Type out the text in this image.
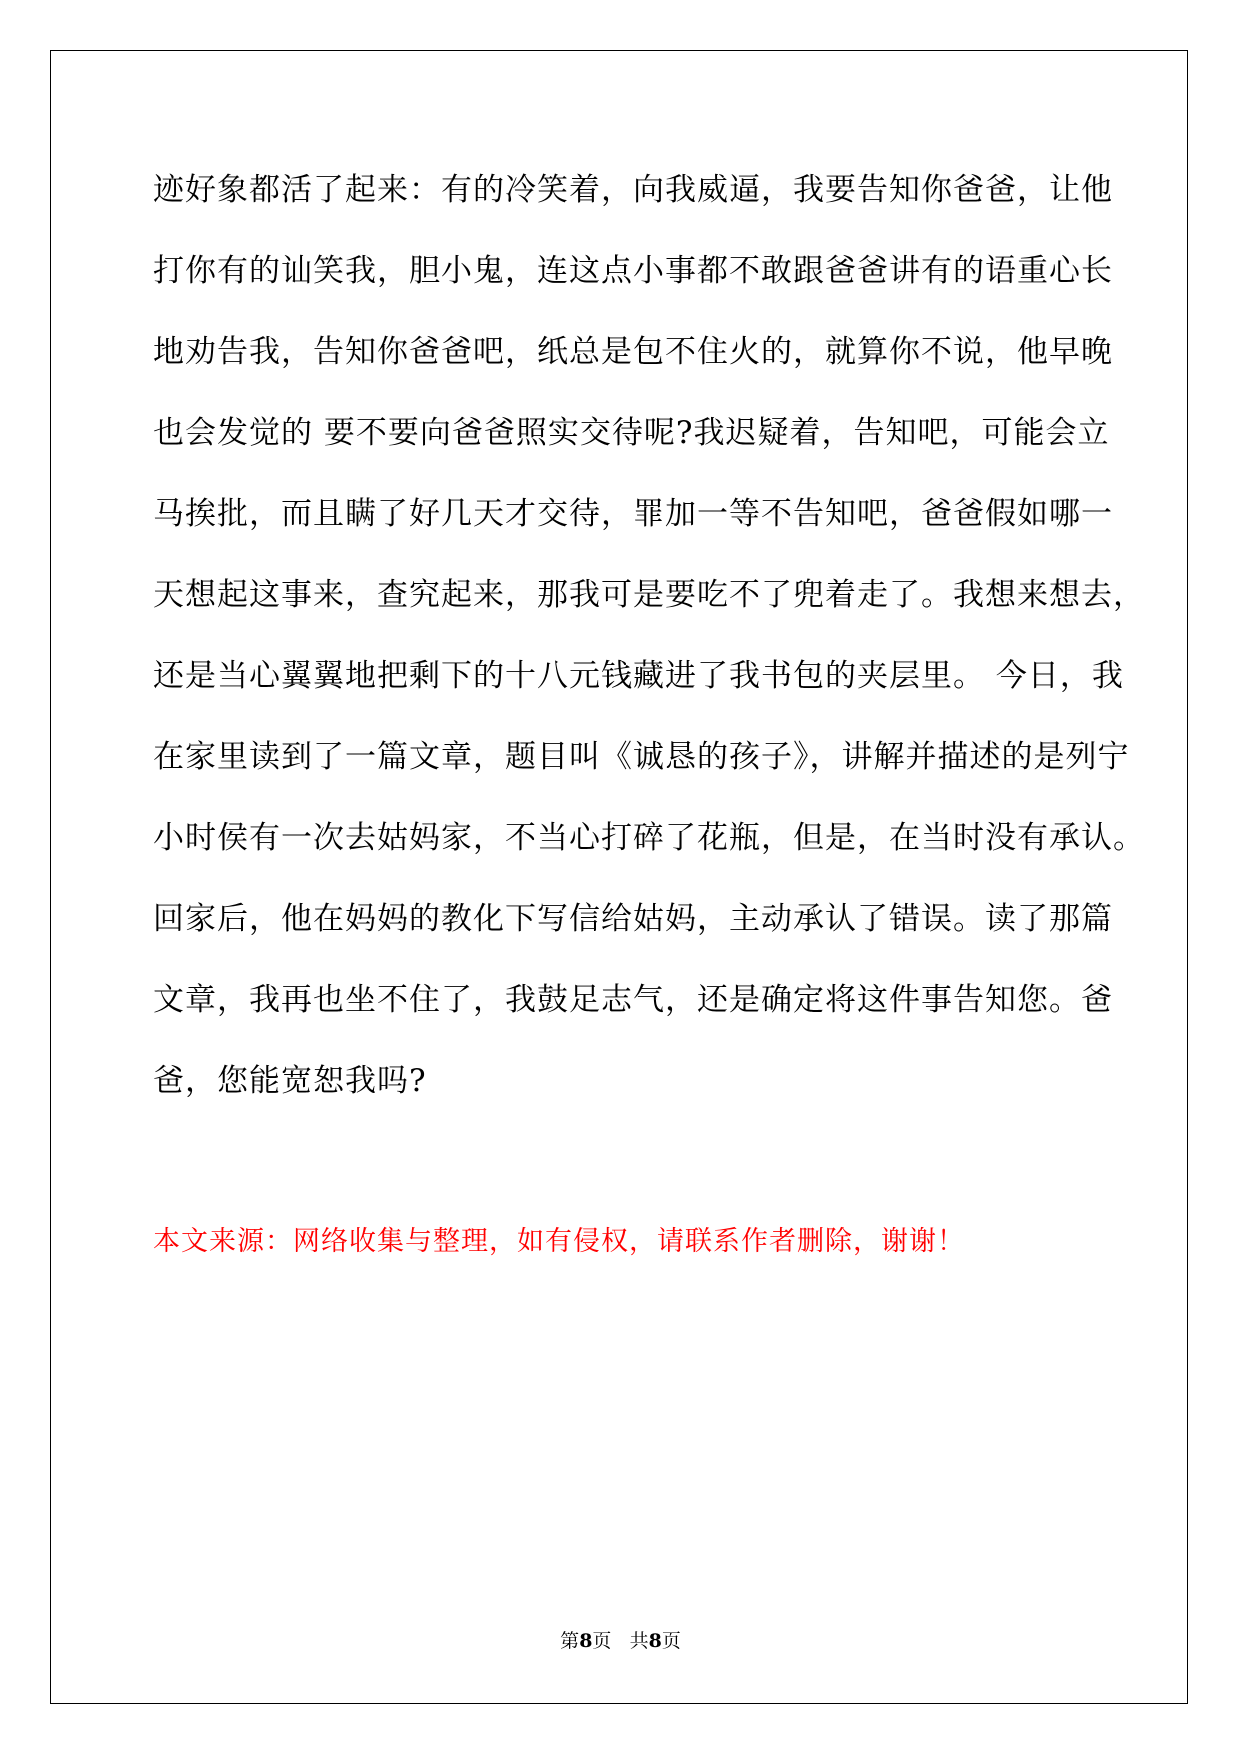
迹好象都活了起来：有的冷笑着，向我威逼，我要告知你爸爸，让他
打你有的讪笑我，胆小鬼，连这点小事都不敢跟爸爸讲有的语重心长
地劝告我，告知你爸爸吧，纸总是包不住火的，就算你不说，他早晚
也会发觉的 要不要向爸爸照实交待呢?我迟疑着，告知吧，可能会立
马挨批，而且瞒了好几天才交待，罪加一等不告知吧，爸爸假如哪一
天想起这事来，查究起来，那我可是要吃不了兜着走了。我想来想去，
还是当心翼翼地把剩下的十八元钱藏进了我书包的夹层里。 今日，我
在家里读到了一篇文章，题目叫《诚恳的孩子》，讲解并描述的是列宁
小时侯有一次去姑妈家，不当心打碎了花瓶，但是，在当时没有承认。
回家后，他在妈妈的教化下写信给姑妈，主动承认了错误。读了那篇
文章，我再也坐不住了，我鼓足志气，还是确定将这件事告知您。爸
爸，您能宽恕我吗?
本文来源：网络收集与整理，如有侵权，请联系作者删除，谢谢！
第8页 共8页
